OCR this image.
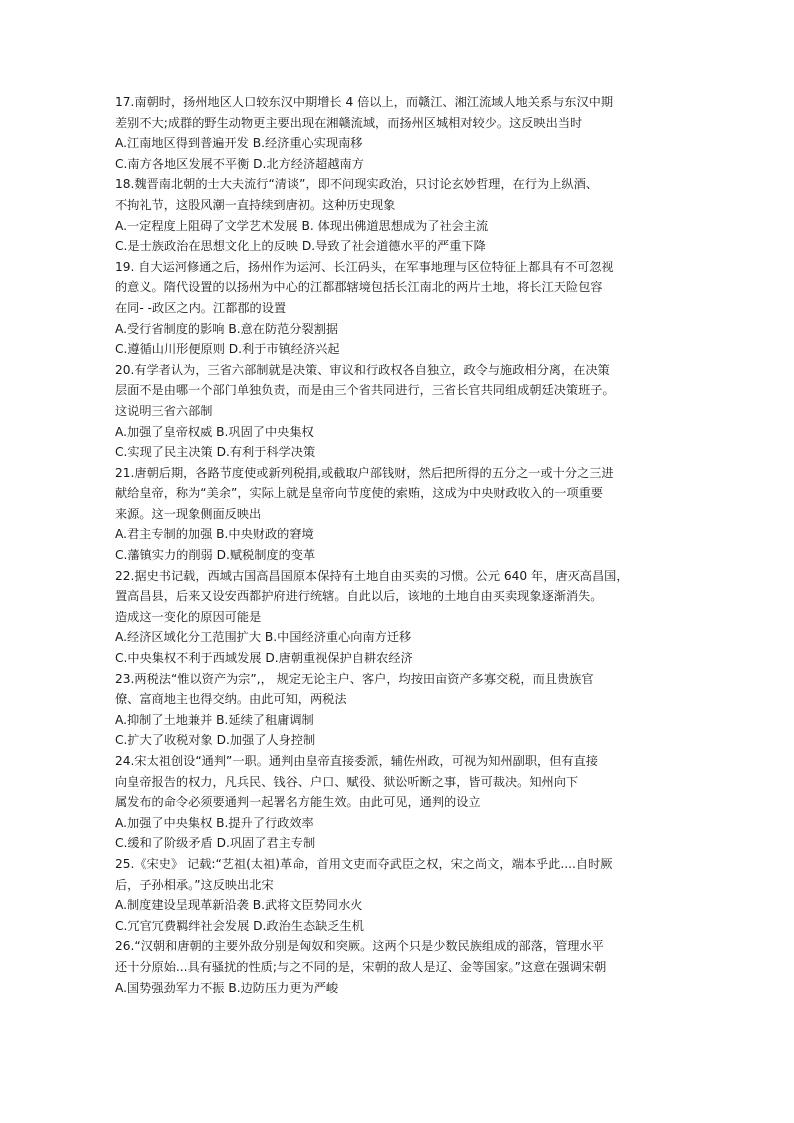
17.南朝时，扬州地区人口较东汉中期增长 4 倍以上，而赣江、湘江流域人地关系与东汉中期
差别不大;成群的野生动物更主要出现在湘赣流域，而扬州区城相对较少。这反映出当时
A.江南地区得到普遍开发 B.经济重心实现南移
C.南方各地区发展不平衡 D.北方经济超越南方
18.魏晋南北朝的士大夫流行“清谈”，即不问现实政治，只讨论玄妙哲理，在行为上纵酒、
不拘礼节，这股风潮一直持续到唐初。这种历史现象
A.一定程度上阻碍了文学艺术发展 B. 体现出佛道思想成为了社会主流
C.是士族政治在思想文化上的反映 D.导致了社会道德水平的严重下降
19. 自大运河修通之后，扬州作为运河、长江码头，在军事地理与区位特征上都具有不可忽视
的意义。隋代设置的以扬州为中心的江都郡辖境包括长江南北的两片土地，将长江天险包容
在同- -政区之内。江都郡的设置
A.受行省制度的影响 B.意在防范分裂割据
C.遵循山川形便原则 D.利于市镇经济兴起
20.有学者认为，三省六部制就是决策、审议和行政权各自独立，政令与施政相分离，在决策
层面不是由哪一个部门单独负责，而是由三个省共同进行，三省长官共同组成朝廷决策班子。
这说明三省六部制
A.加强了皇帝权威 B.巩固了中央集权
C.实现了民主决策 D.有利于科学决策
21.唐朝后期，各路节度使或新列税捐,或截取户部钱财，然后把所得的五分之一或十分之三进
献给皇帝，称为“美余”，实际上就是皇帝向节度使的索贿，这成为中央财政收入的一项重要
来源。这一现象侧面反映出
A.君主专制的加强 B.中央财政的窘境
C.藩镇实力的削弱 D.赋税制度的变革
22.据史书记载，西域古国高昌国原本保持有土地自由买卖的习惯。公元 640 年，唐灭高昌国，
置高昌县，后来又设安西都护府进行统辖。自此以后，该地的土地自由买卖现象逐渐消失。
造成这一变化的原因可能是
A.经济区域化分工范围扩大 B.中国经济重心向南方迁移
C.中央集权不利于西域发展 D.唐朝重视保护自耕农经济
23.两税法“惟以资产为宗”,， 规定无论主户、客户，均按田亩资产多寡交税，而且贵族官
僚、富商地主也得交纳。由此可知，两税法
A.抑制了土地兼并 B.延续了租庸调制
C.扩大了收税对象 D.加强了人身控制
24.宋太祖创设“通判”一职。通判由皇帝直接委派，辅佐州政，可视为知州副职，但有直接
向皇帝报告的权力，凡兵民、钱谷、户口、赋役、狱讼听断之事，皆可裁决。知州向下
属发布的命令必须要通判一起署名方能生效。由此可见，通判的设立
A.加强了中央集权 B.提升了行政效率
C.缓和了阶级矛盾 D.巩固了君主专制
25.《宋史》 记载:“艺祖(太祖)革命，首用文吏而夺武臣之权，宋之尚文，端本乎此....自时厥
后，子孙相承。”这反映出北宋
A.制度建设呈现革新沿袭 B.武将文臣势同水火
C.冗官冗费羁绊社会发展 D.政治生态缺乏生机
26.“汉朝和唐朝的主要外敌分别是匈奴和突厥。这两个只是少数民族组成的部落，管理水平
还十分原始...具有骚扰的性质;与之不同的是，宋朝的敌人是辽、金等国家。”这意在强调宋朝
A.国势强劲军力不振 B.边防压力更为严峻
